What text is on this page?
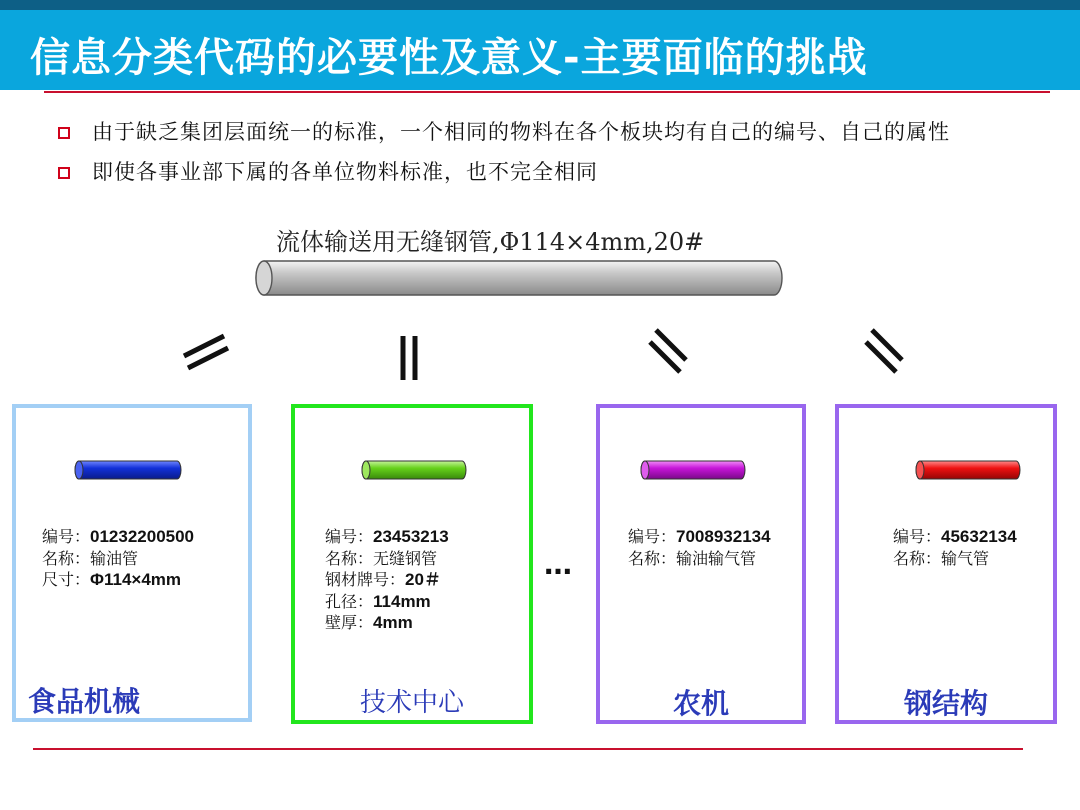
信息分类代码的必要性及意义-主要面临的挑战
由于缺乏集团层面统一的标准，一个相同的物料在各个板块均有自己的编号、自己的属性
即使各事业部下属的各单位物料标准，也不完全相同
流体输送用无缝钢管,Φ114×4mm,20#
编号：01232200500
名称：输油管
尺寸：Φ114×4mm
食品机械
编号：23453213
名称：无缝钢管
钢材牌号：20＃
孔径：114mm
壁厚：4mm
技术中心
…
编号：7008932134
名称：输油输气管
农机
编号：45632134
名称：输气管
钢结构
